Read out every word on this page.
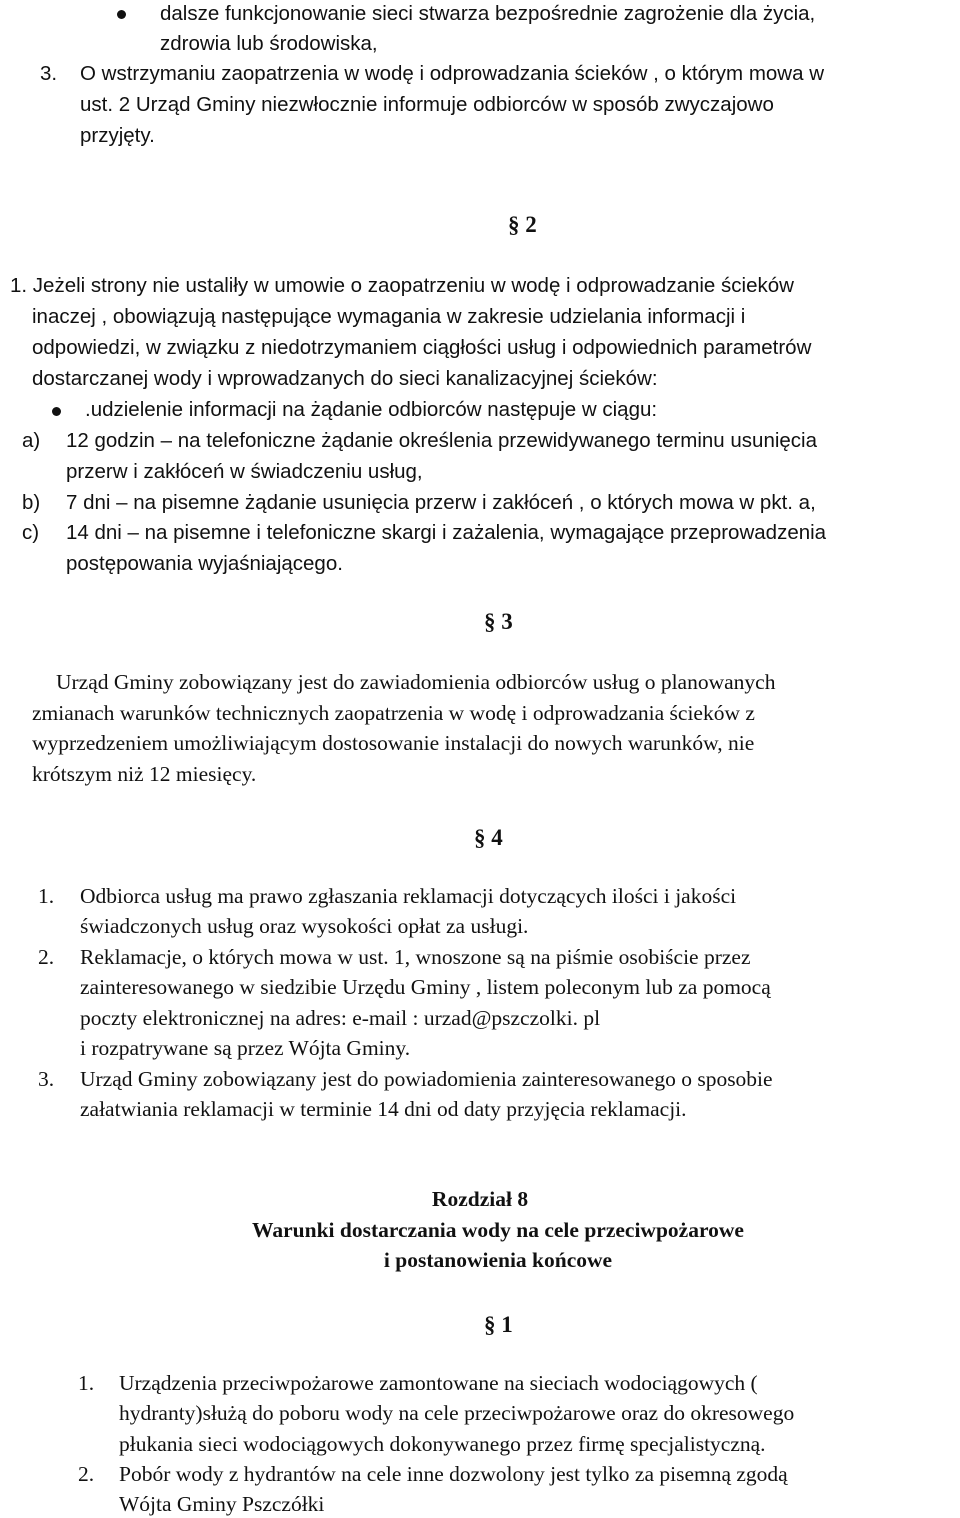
dalsze funkcjonowanie sieci stwarza bezpośrednie zagrożenie dla życia,
zdrowia lub środowiska,
3. O wstrzymaniu zaopatrzenia w wodę i odprowadzania ścieków , o którym mowa w
ust. 2 Urząd Gminy niezwłocznie informuje odbiorców w sposób zwyczajowo
przyjęty.
§ 2
1. Jeżeli strony nie ustaliły w umowie o zaopatrzeniu w wodę i odprowadzanie ścieków
inaczej , obowiązują następujące wymagania w zakresie udzielania informacji i
odpowiedzi, w związku z niedotrzymaniem ciągłości usług i odpowiednich parametrów
dostarczanej wody i wprowadzanych do sieci kanalizacyjnej ścieków:
.udzielenie informacji na żądanie odbiorców następuje w ciągu:
a) 12 godzin – na telefoniczne żądanie określenia przewidywanego terminu usunięcia
przerw i zakłóceń w świadczeniu usług,
b) 7 dni – na pisemne żądanie usunięcia przerw i zakłóceń , o których mowa w pkt. a,
c) 14 dni – na pisemne i telefoniczne skargi i zażalenia, wymagające przeprowadzenia
postępowania wyjaśniającego.
§ 3
Urząd Gminy zobowiązany jest do zawiadomienia odbiorców usług o planowanych
zmianach warunków technicznych zaopatrzenia w wodę i odprowadzania ścieków z
wyprzedzeniem umożliwiającym dostosowanie instalacji do nowych warunków, nie
krótszym niż 12 miesięcy.
§ 4
1. Odbiorca usług ma prawo zgłaszania reklamacji dotyczących ilości i jakości
świadczonych usług oraz wysokości opłat za usługi.
2. Reklamacje, o których mowa w ust. 1, wnoszone są na piśmie osobiście przez
zainteresowanego w siedzibie Urzędu Gminy , listem poleconym lub za pomocą
poczty elektronicznej na adres: e-mail : urzad@pszczolki. pl
i rozpatrywane są przez Wójta Gminy.
3. Urząd Gminy zobowiązany jest do powiadomienia zainteresowanego o sposobie
załatwiania reklamacji w terminie 14 dni od daty przyjęcia reklamacji.
Rozdział 8
Warunki dostarczania wody na cele przeciwpożarowe
i postanowienia końcowe
§ 1
1. Urządzenia przeciwpożarowe zamontowane na sieciach wodociągowych (
hydranty)służą do poboru wody na cele przeciwpożarowe oraz do okresowego
płukania sieci wodociągowych dokonywanego przez firmę specjalistyczną.
2. Pobór wody z hydrantów na cele inne dozwolony jest tylko za pisemną zgodą
Wójta Gminy Pszczółki
